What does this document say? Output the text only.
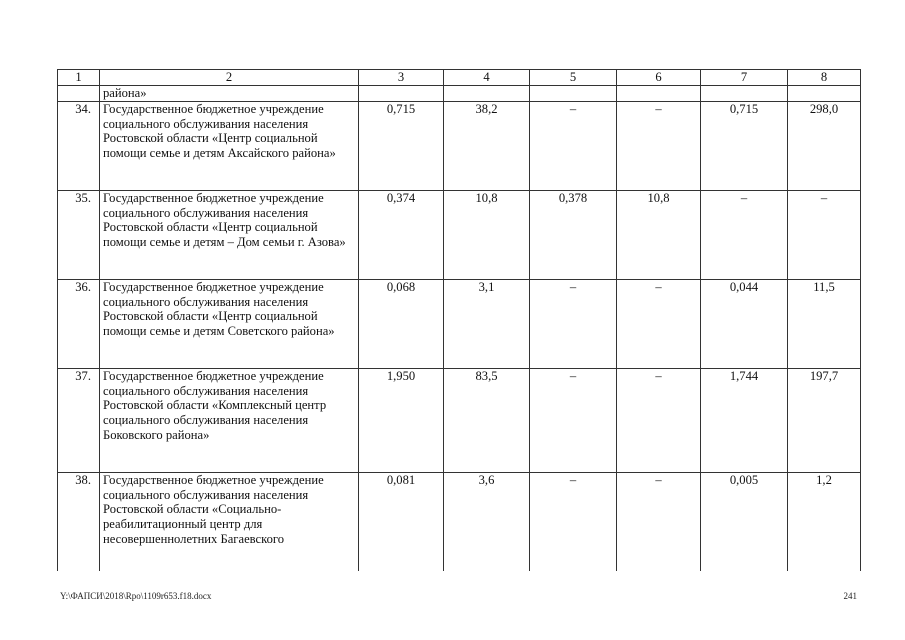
1	2	3	4	5	6	7	8
	района»						
34.	Государственное бюджетное учреждение социального обслуживания населения Ростовской области «Центр социальной помощи семье и детям Аксайского района»	0,715	38,2	–	–	0,715	298,0
35.	Государственное бюджетное учреждение социального обслуживания населения Ростовской области «Центр социальной помощи семье и детям – Дом семьи г. Азова»	0,374	10,8	0,378	10,8	–	–
36.	Государственное бюджетное учреждение социального обслуживания населения Ростовской области «Центр социальной помощи семье и детям Советского района»	0,068	3,1	–	–	0,044	11,5
37.	Государственное бюджетное учреждение социального обслуживания населения Ростовской области «Комплексный центр социального обслуживания населения Боковского района»	1,950	83,5	–	–	1,744	197,7
38.	Государственное бюджетное учреждение социального обслуживания населения Ростовской области «Социально-реабилитационный центр для несовершеннолетних Багаевского	0,081	3,6	–	–	0,005	1,2
Y:\ФАПСИ\2018\Rpo\1109r653.f18.docx	241
